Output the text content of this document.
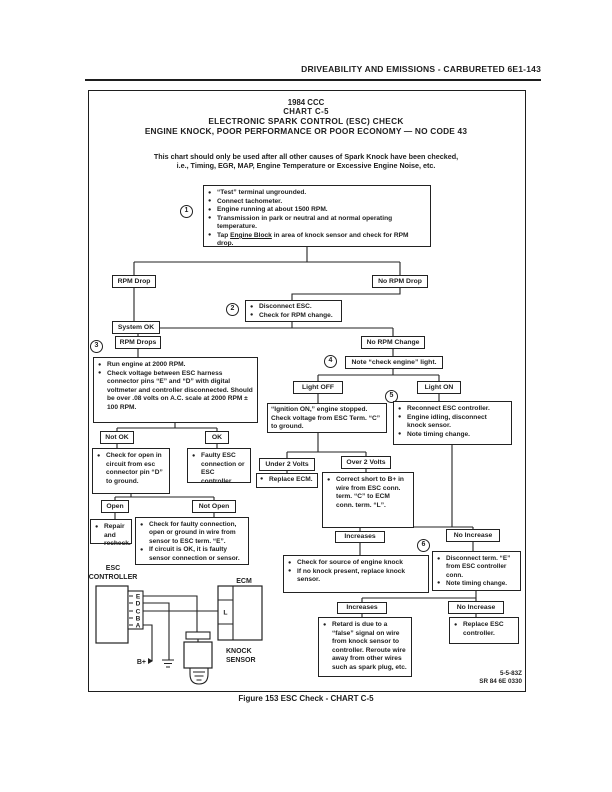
DRIVEABILITY AND EMISSIONS - CARBURETED 6E1-143
E
D
C
B
A
ESC
CONTROLLER
L
ECM
KNOCK
SENSOR
B+
1984 CCC
CHART C-5
ELECTRONIC SPARK CONTROL (ESC) CHECK
ENGINE KNOCK, POOR PERFORMANCE OR POOR ECONOMY — NO CODE 43
This chart should only be used after all other causes of Spark Knock have been checked,
i.e., Timing, EGR, MAP, Engine Temperature or Excessive Engine Noise, etc.
1
● “Test” terminal ungrounded.
● Connect tachometer.
● Engine running at about 1500 RPM.
● Transmission in park or neutral and at normal operating temperature.
● Tap Engine Block in area of knock sensor and check for RPM drop.
RPM Drop	No RPM Drop
System OK
2	● Disconnect ESC.
● Check for RPM change.
RPM Drops	No RPM Change
3
● Run engine at 2000 RPM.
● Check voltage between ESC harness connector pins “E” and “D” with digital voltmeter and controller disconnected. Should be over .08 volts on A.C. scale at 2000 RPM ± 100 RPM.
Not OK	OK
● Check for open in circuit from esc connector pin “D” to ground.
● Faulty ESC connection or ESC controller.
Open	Not Open
● Repair and recheck.
● Check for faulty connection, open or ground in wire from sensor to ESC term. “E”.
● If circuit is OK, it is faulty sensor connection or sensor.
4	Note “check engine” light.
Light OFF	Light ON
“Ignition ON,” engine stopped. Check voltage from ESC Term. “C” to ground.
5
● Reconnect ESC controller.
● Engine idling, disconnect knock sensor.
● Note timing change.
Under 2 Volts	Over 2 Volts
● Replace ECM.	● Correct short to B+ in wire from ESC conn. term. “C” to ECM conn. term. “L”.
Increases
6
No Increase
● Check for source of engine knock
● If no knock present, replace knock sensor.
● Disconnect term. “E” from ESC controller conn.
● Note timing change.
Increases	No Increase
● Retard is due to a “false” signal on wire from knock sensor to controller. Reroute wire away from other wires such as spark plug, etc.
● Replace ESC controller.
5-5-83Z
SR 84 6E 0330
Figure 153 ESC Check - CHART C-5
